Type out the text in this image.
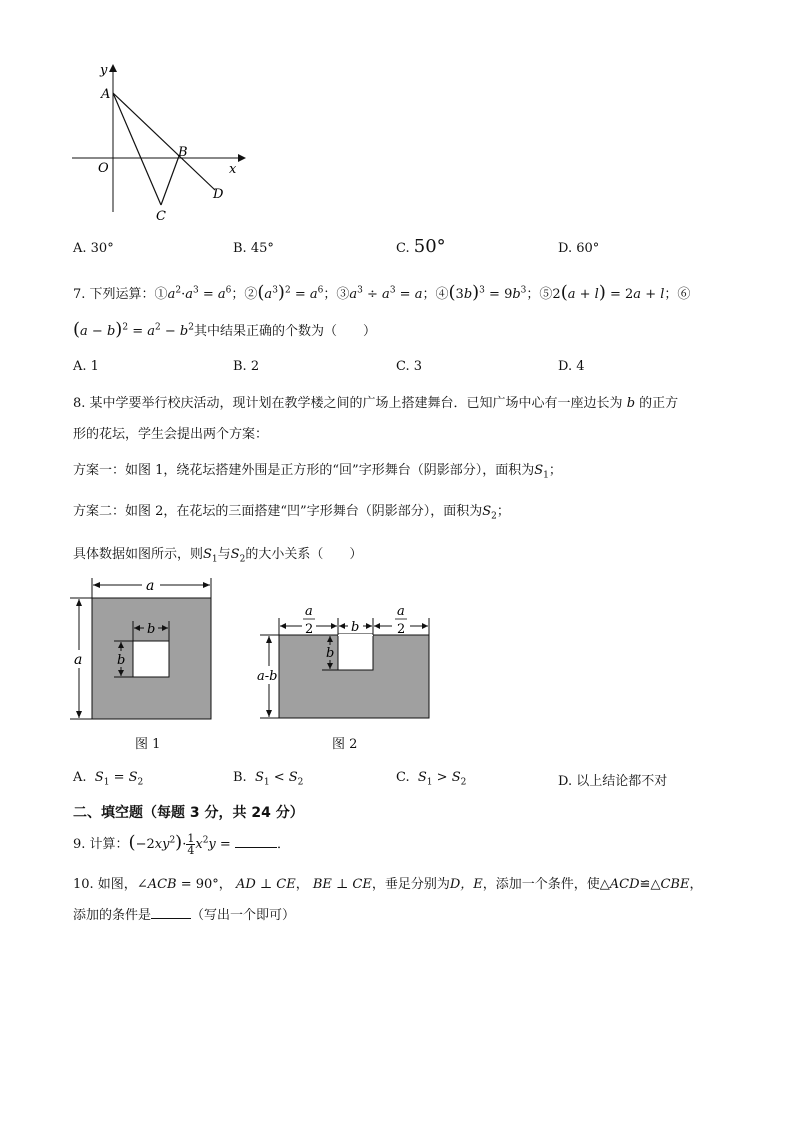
y
x
A
O
B
C
D
A. 30°	B. 45°	C. 50°	D. 60°
7. 下列运算：$①a^2\cdot a^3 = a^6$；$②(a^3)^2 = a^6$；$③a^3 \div a^3 = a$；$④(3b)^3 = 9b^3$；⑤2(a + l) = 2a + l；⑥
$(a - b)^2 = a^2 - b^2$其中结果正确的个数为（　　）
A. 1	B. 2	C. 3	D. 4
8. 某中学要举行校庆活动，现计划在教学楼之间的广场上搭建舞台．已知广场中心有一座边长为 b 的正方
形的花坛，学生会提出两个方案：
方案一：如图 1，绕花坛搭建外围是正方形的“回”字形舞台（阴影部分），面积为$S_1$；
方案二：如图 2，在花坛的三面搭建“凹”字形舞台（阴影部分），面积为$S_2$；
具体数据如图所示，则$S_1$与$S_2$的大小关系（　　）
a
a
b
b
图 1
a
2	b
a
2
b
a-b
图 2
A. $S_1 = S_2$	B. $S_1 < S_2$	C. $S_1 > S_2$	D. 以上结论都不对
二、填空题（每题 3 分，共 24 分）
9. 计算：$(-2xy^2)\cdot \frac{1}{4} x^2y$ =	．
10. 如图，∠ACB = 90°， AD ⊥ CE， BE ⊥ CE，垂足分别为D，E，添加一个条件，使△ACD≌△CBE，
添加的条件是	（写出一个即可）
